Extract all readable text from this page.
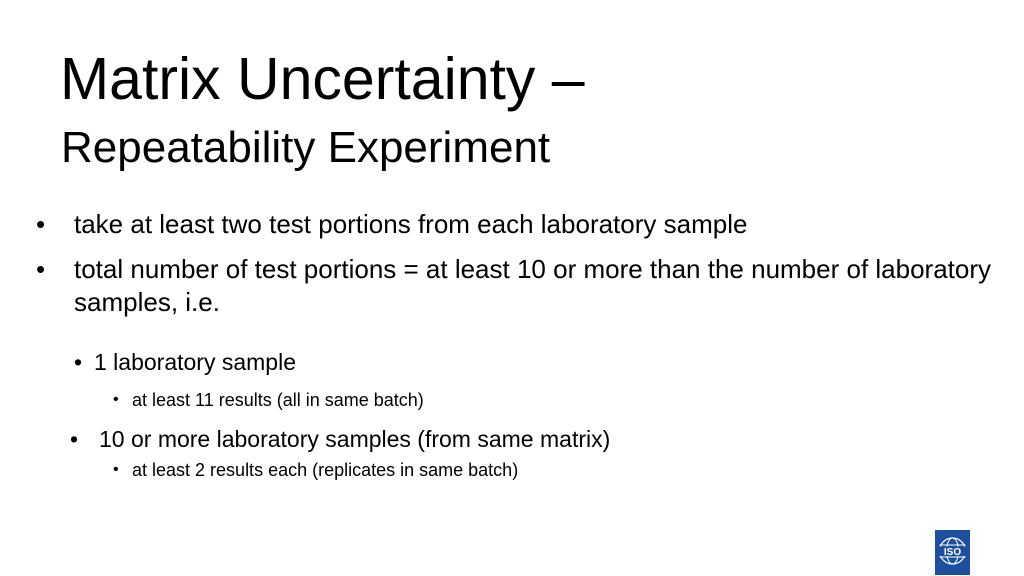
Matrix Uncertainty –
Repeatability Experiment
•	take at least two test portions from each laboratory sample
•	total number of test portions = at least 10 or more than the number of laboratory samples, i.e.
• 1 laboratory sample
• at least 11 results (all in same batch)
• 10 or more laboratory samples (from same matrix)
• at least 2 results each (replicates in same batch)
ISO
